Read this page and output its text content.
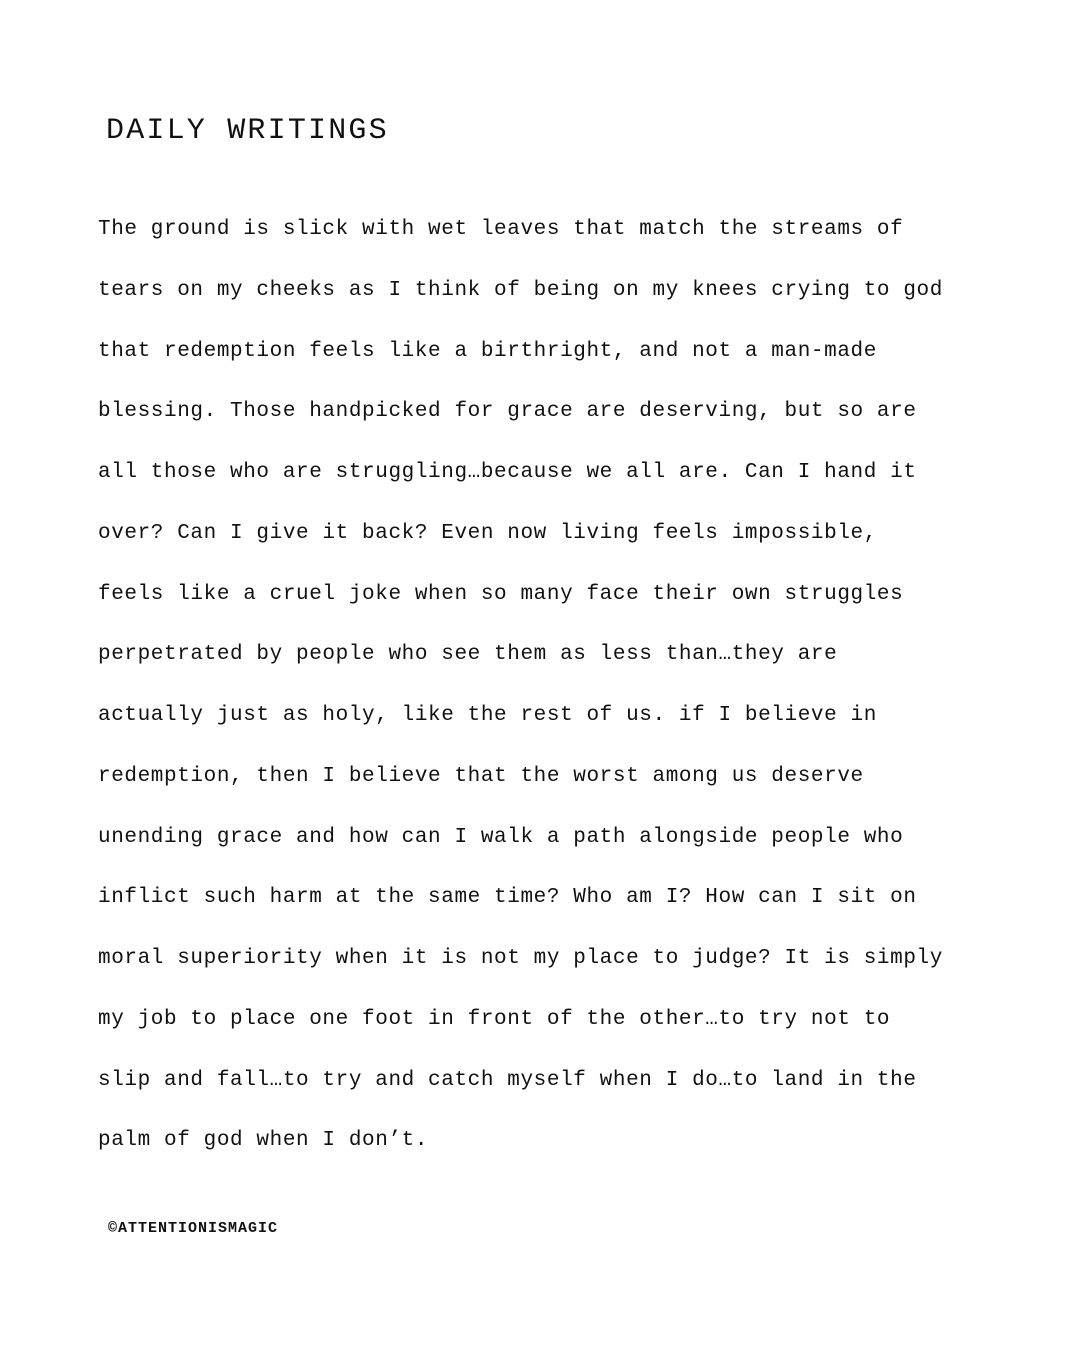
DAILY WRITINGS
The ground is slick with wet leaves that match the streams of
tears on my cheeks as I think of being on my knees crying to god
that redemption feels like a birthright, and not a man-made
blessing. Those handpicked for grace are deserving, but so are
all those who are struggling…because we all are. Can I hand it
over? Can I give it back? Even now living feels impossible,
feels like a cruel joke when so many face their own struggles
perpetrated by people who see them as less than…they are
actually just as holy, like the rest of us. if I believe in
redemption, then I believe that the worst among us deserve
unending grace and how can I walk a path alongside people who
inflict such harm at the same time? Who am I? How can I sit on
moral superiority when it is not my place to judge? It is simply
my job to place one foot in front of the other…to try not to
slip and fall…to try and catch myself when I do…to land in the
palm of god when I don’t.

©ATTENTIONISMAGIC
